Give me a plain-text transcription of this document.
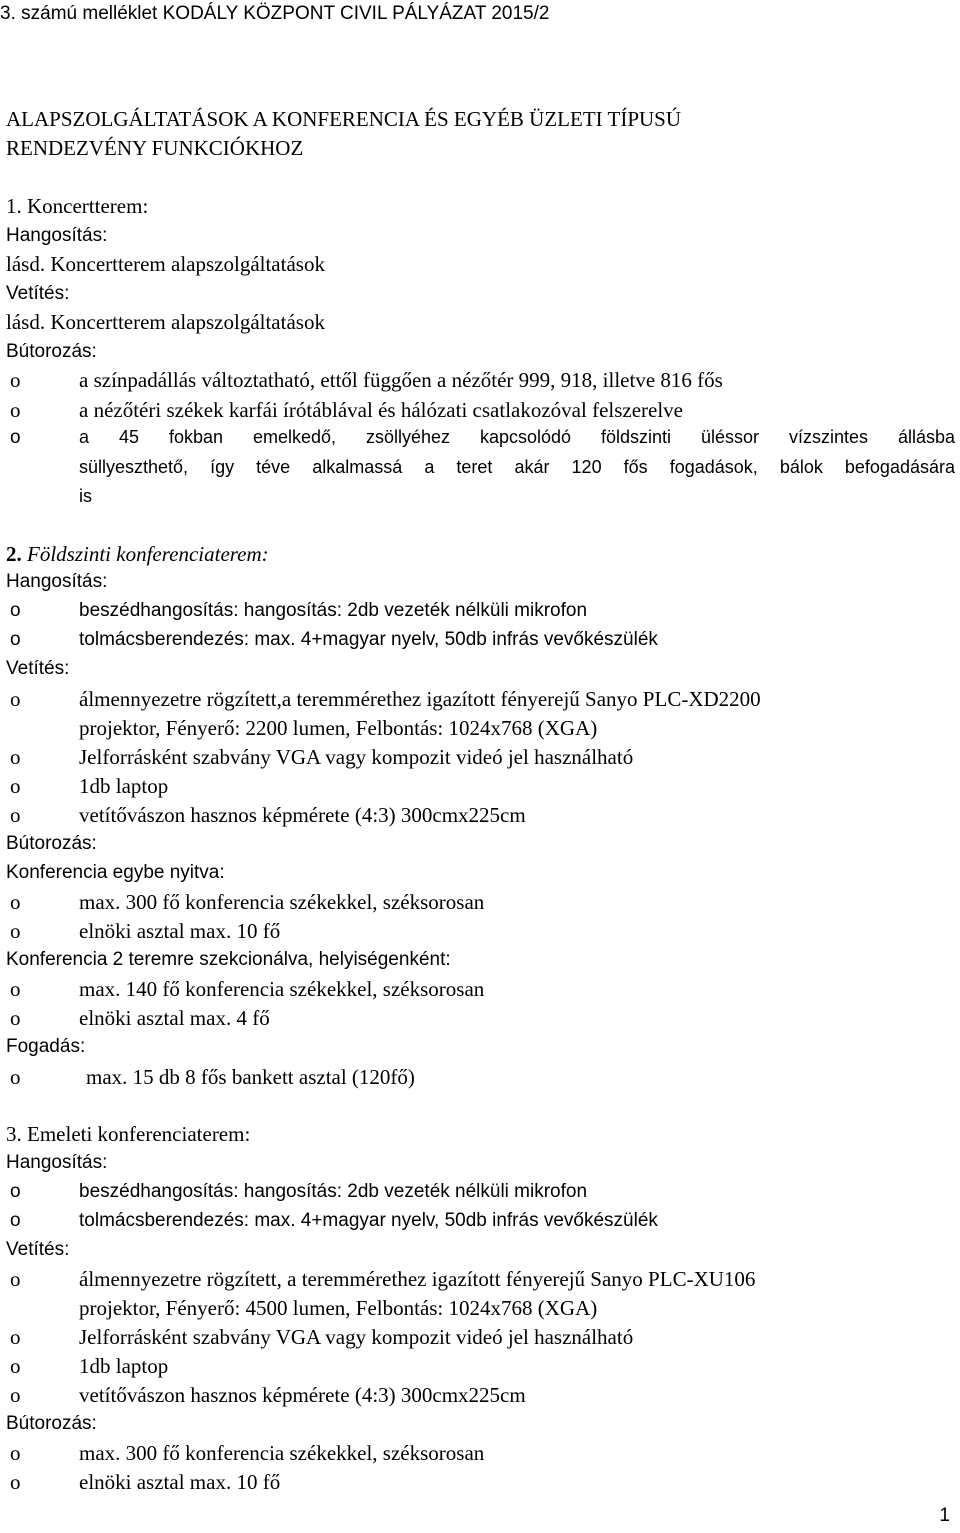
3. számú melléklet KODÁLY KÖZPONT CIVIL PÁLYÁZAT 2015/2
ALAPSZOLGÁLTATÁSOK A KONFERENCIA ÉS EGYÉB ÜZLETI TÍPUSÚ
RENDEZVÉNY FUNKCIÓKHOZ
1. Koncertterem:
Hangosítás:
lásd. Koncertterem alapszolgáltatások
Vetítés:
lásd. Koncertterem alapszolgáltatások
Bútorozás:
o	a színpadállás változtatható, ettől függően a nézőtér 999, 918, illetve 816 fős
o	a nézőtéri székek karfái írótáblával és hálózati csatlakozóval felszerelve
o	a 45 fokban emelkedő, zsöllyéhez kapcsolódó földszinti üléssor vízszintes állásba
süllyeszthető, így téve alkalmassá a teret akár 120 fős fogadások, bálok befogadására
is
2. Földszinti konferenciaterem:
Hangosítás:
o	beszédhangosítás: hangosítás: 2db vezeték nélküli mikrofon
o	tolmácsberendezés: max. 4+magyar nyelv, 50db infrás vevőkészülék
Vetítés:
o	álmennyezetre rögzített,a teremmérethez igazított fényerejű Sanyo PLC-XD2200
projektor, Fényerő: 2200 lumen, Felbontás: 1024x768 (XGA)
o	Jelforrásként szabvány VGA vagy kompozit videó jel használható
o	1db laptop
o	vetítővászon hasznos képmérete (4:3) 300cmx225cm
Bútorozás:
Konferencia egybe nyitva:
o	max. 300 fő konferencia székekkel, széksorosan
o	elnöki asztal max. 10 fő
Konferencia 2 teremre szekcionálva, helyiségenként:
o	max. 140 fő konferencia székekkel, széksorosan
o	elnöki asztal max. 4 fő
Fogadás:
o	max. 15 db 8 fős bankett asztal (120fő)
3. Emeleti konferenciaterem:
Hangosítás:
o	beszédhangosítás: hangosítás: 2db vezeték nélküli mikrofon
o	tolmácsberendezés: max. 4+magyar nyelv, 50db infrás vevőkészülék
Vetítés:
o	álmennyezetre rögzített, a teremmérethez igazított fényerejű Sanyo PLC-XU106
projektor, Fényerő: 4500 lumen, Felbontás: 1024x768 (XGA)
o	Jelforrásként szabvány VGA vagy kompozit videó jel használható
o	1db laptop
o	vetítővászon hasznos képmérete (4:3) 300cmx225cm
Bútorozás:
o	max. 300 fő konferencia székekkel, széksorosan
o	elnöki asztal max. 10 fő
1
